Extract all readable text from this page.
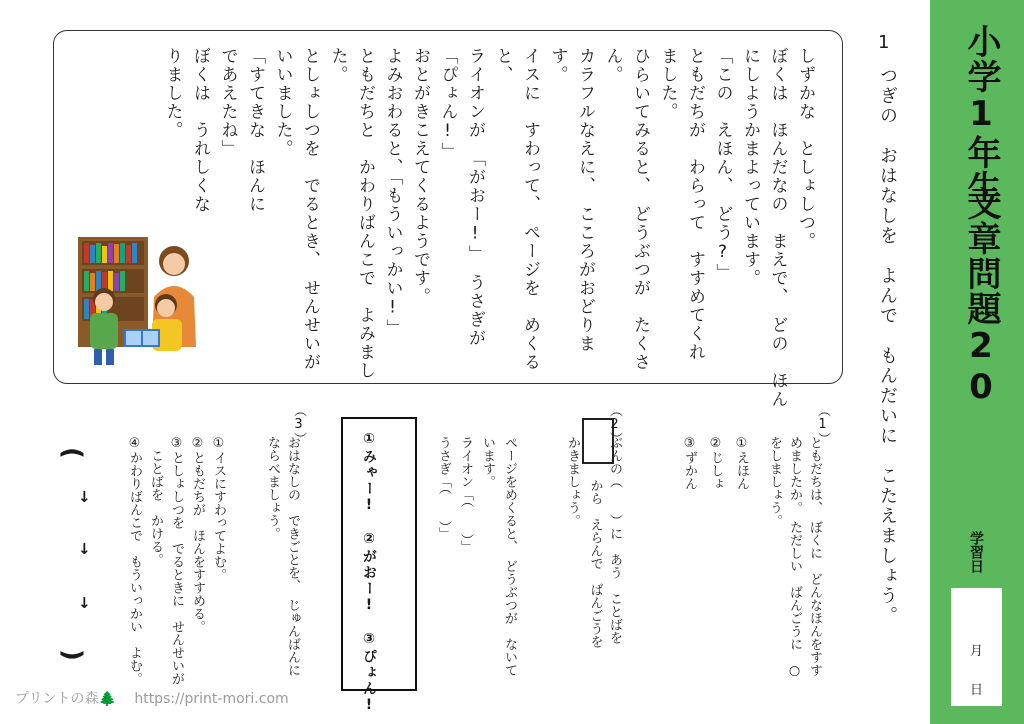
小学1年生
文章問題20
学習日
月
日
1
つぎの　おはなしを　よんで　もんだいに　こたえましょう。
しずかな　としょしつ。
ぼくは　ほんだなの　まえで、　どの　ほん
にしようかまよっています。
「この　えほん、　どう?」
ともだちが　わらって　すすめてくれ
ました。
ひらいてみると、　どうぶつが　たくさ
ん。
カラフルなえに、　こころがおどりま
す。
イスに　すわって、　ページを　めくる
と、
ライオンが　「がおー!」　うさぎが
「ぴょん!」
おとがきこえてくるようです。
よみおわると、「もういっかい!」
ともだちと　かわりばんこで　よみまし
た。
としょしつを　でるとき、　せんせいが
いいました。
「すてきな　ほんに
であえたね」
ぼくは　うれしくな
りました。
（1）
ともだちは、　ぼくに　どんなほんをすす
めましたか。　ただしい　ばんごうに　○
をしましょう。
①えほん
②じしょ
③ずかん
（2）
ページをめくると、　どうぶつが　ないて
います。
ライオン「（　　）」
うさぎ「（　　）」	ぶんの（　　）に　あう　ことばを
から　えらんで　ばんごうを
かきましょう。
①みゃー!　②がおー!　③ぴょん!
（3）
おはなしの　できごとを、　じゅんばんに
ならべましょう。
①イスにすわってよむ。
②ともだちが　ほんをすすめる。
③としょしつを　でるときに　せんせいが
　ことばを　かける。
④かわりばんこで　もういっかい　よむ。
(
↓
↓
↓
)
プリントの森🌲 https://print-mori.com
